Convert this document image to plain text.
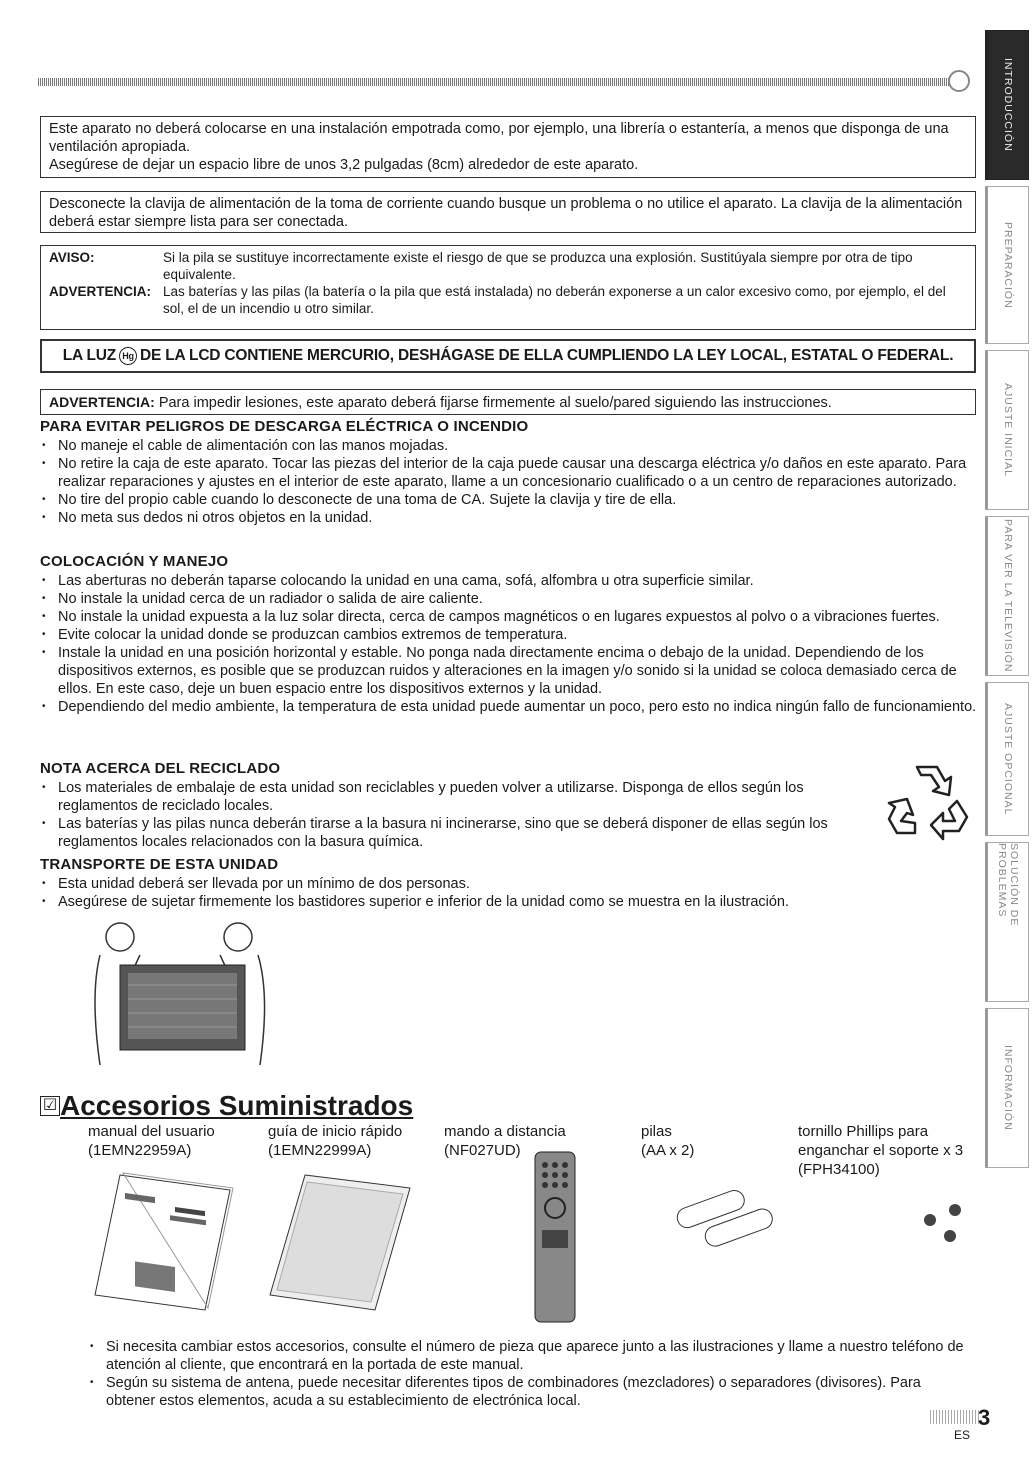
INTRODUCCIÓN
PREPARACIÓN
AJUSTE INICIAL
PARA VER LA TELEVISIÓN
AJUSTE OPCIONAL
SOLUCIÓN DE PROBLEMAS
INFORMACIÓN

Este aparato no deberá colocarse en una instalación empotrada como, por ejemplo, una librería o estantería, a menos que disponga de una ventilación apropiada.

Asegúrese de dejar un espacio libre de unos 3,2 pulgadas (8cm) alrededor de este aparato.

Desconecte la clavija de alimentación de la toma de corriente cuando busque un problema o no utilice el aparato. La clavija de la alimentación deberá estar siempre lista para ser conectada.

AVISO:	Si la pila se sustituye incorrectamente existe el riesgo de que se produzca una explosión. Sustitúyala siempre por otra de tipo equivalente.
ADVERTENCIA: Las baterías y las pilas (la batería o la pila que está instalada) no deberán exponerse a un calor excesivo como, por ejemplo, el del sol, el de un incendio u otro similar.
LA LUZ Hg DE LA LCD CONTIENE MERCURIO, DESHÁGASE DE ELLA CUMPLIENDO LA LEY LOCAL, ESTATAL O FEDERAL.
ADVERTENCIA: Para impedir lesiones, este aparato deberá fijarse firmemente al suelo/pared siguiendo las instrucciones.
PARA EVITAR PELIGROS DE DESCARGA ELÉCTRICA O INCENDIO
• No maneje el cable de alimentación con las manos mojadas.
• No retire la caja de este aparato. Tocar las piezas del interior de la caja puede causar una descarga eléctrica y/o daños en este aparato. Para realizar reparaciones y ajustes en el interior de este aparato, llame a un concesionario cualificado o a un centro de reparaciones autorizado.
• No tire del propio cable cuando lo desconecte de una toma de CA. Sujete la clavija y tire de ella.
• No meta sus dedos ni otros objetos en la unidad.
COLOCACIÓN Y MANEJO
• Las aberturas no deberán taparse colocando la unidad en una cama, sofá, alfombra u otra superficie similar.
• No instale la unidad cerca de un radiador o salida de aire caliente.
• No instale la unidad expuesta a la luz solar directa, cerca de campos magnéticos o en lugares expuestos al polvo o a vibraciones fuertes.
• Evite colocar la unidad donde se produzcan cambios extremos de temperatura.
• Instale la unidad en una posición horizontal y estable. No ponga nada directamente encima o debajo de la unidad. Dependiendo de los dispositivos externos, es posible que se produzcan ruidos y alteraciones en la imagen y/o sonido si la unidad se coloca demasiado cerca de ellos. En este caso, deje un buen espacio entre los dispositivos externos y la unidad.
• Dependiendo del medio ambiente, la temperatura de esta unidad puede aumentar un poco, pero esto no indica ningún fallo de funcionamiento.
NOTA ACERCA DEL RECICLADO
• Los materiales de embalaje de esta unidad son reciclables y pueden volver a utilizarse. Disponga de ellos según los reglamentos de reciclado locales.
• Las baterías y las pilas nunca deberán tirarse a la basura ni incinerarse, sino que se deberá disponer de ellas según los reglamentos locales relacionados con la basura química.
TRANSPORTE DE ESTA UNIDAD
• Esta unidad deberá ser llevada por un mínimo de dos personas.
• Asegúrese de sujetar firmemente los bastidores superior e inferior de la unidad como se muestra en la ilustración.
☑ Accesorios Suministrados
manual del usuario
(1EMN22959A)
guía de inicio rápido
(1EMN22999A)
mando a distancia
(NF027UD)
pilas
(AA x 2)
tornillo Phillips para
enganchar el soporte x 3
(FPH34100)
• Si necesita cambiar estos accesorios, consulte el número de pieza que aparece junto a las ilustraciones y llame a nuestro teléfono de atención al cliente, que encontrará en la portada de este manual.
• Según su sistema de antena, puede necesitar diferentes tipos de combinadores (mezcladores) o separadores (divisores). Para obtener estos elementos, acuda a su establecimiento de electrónica local.
3
ES
